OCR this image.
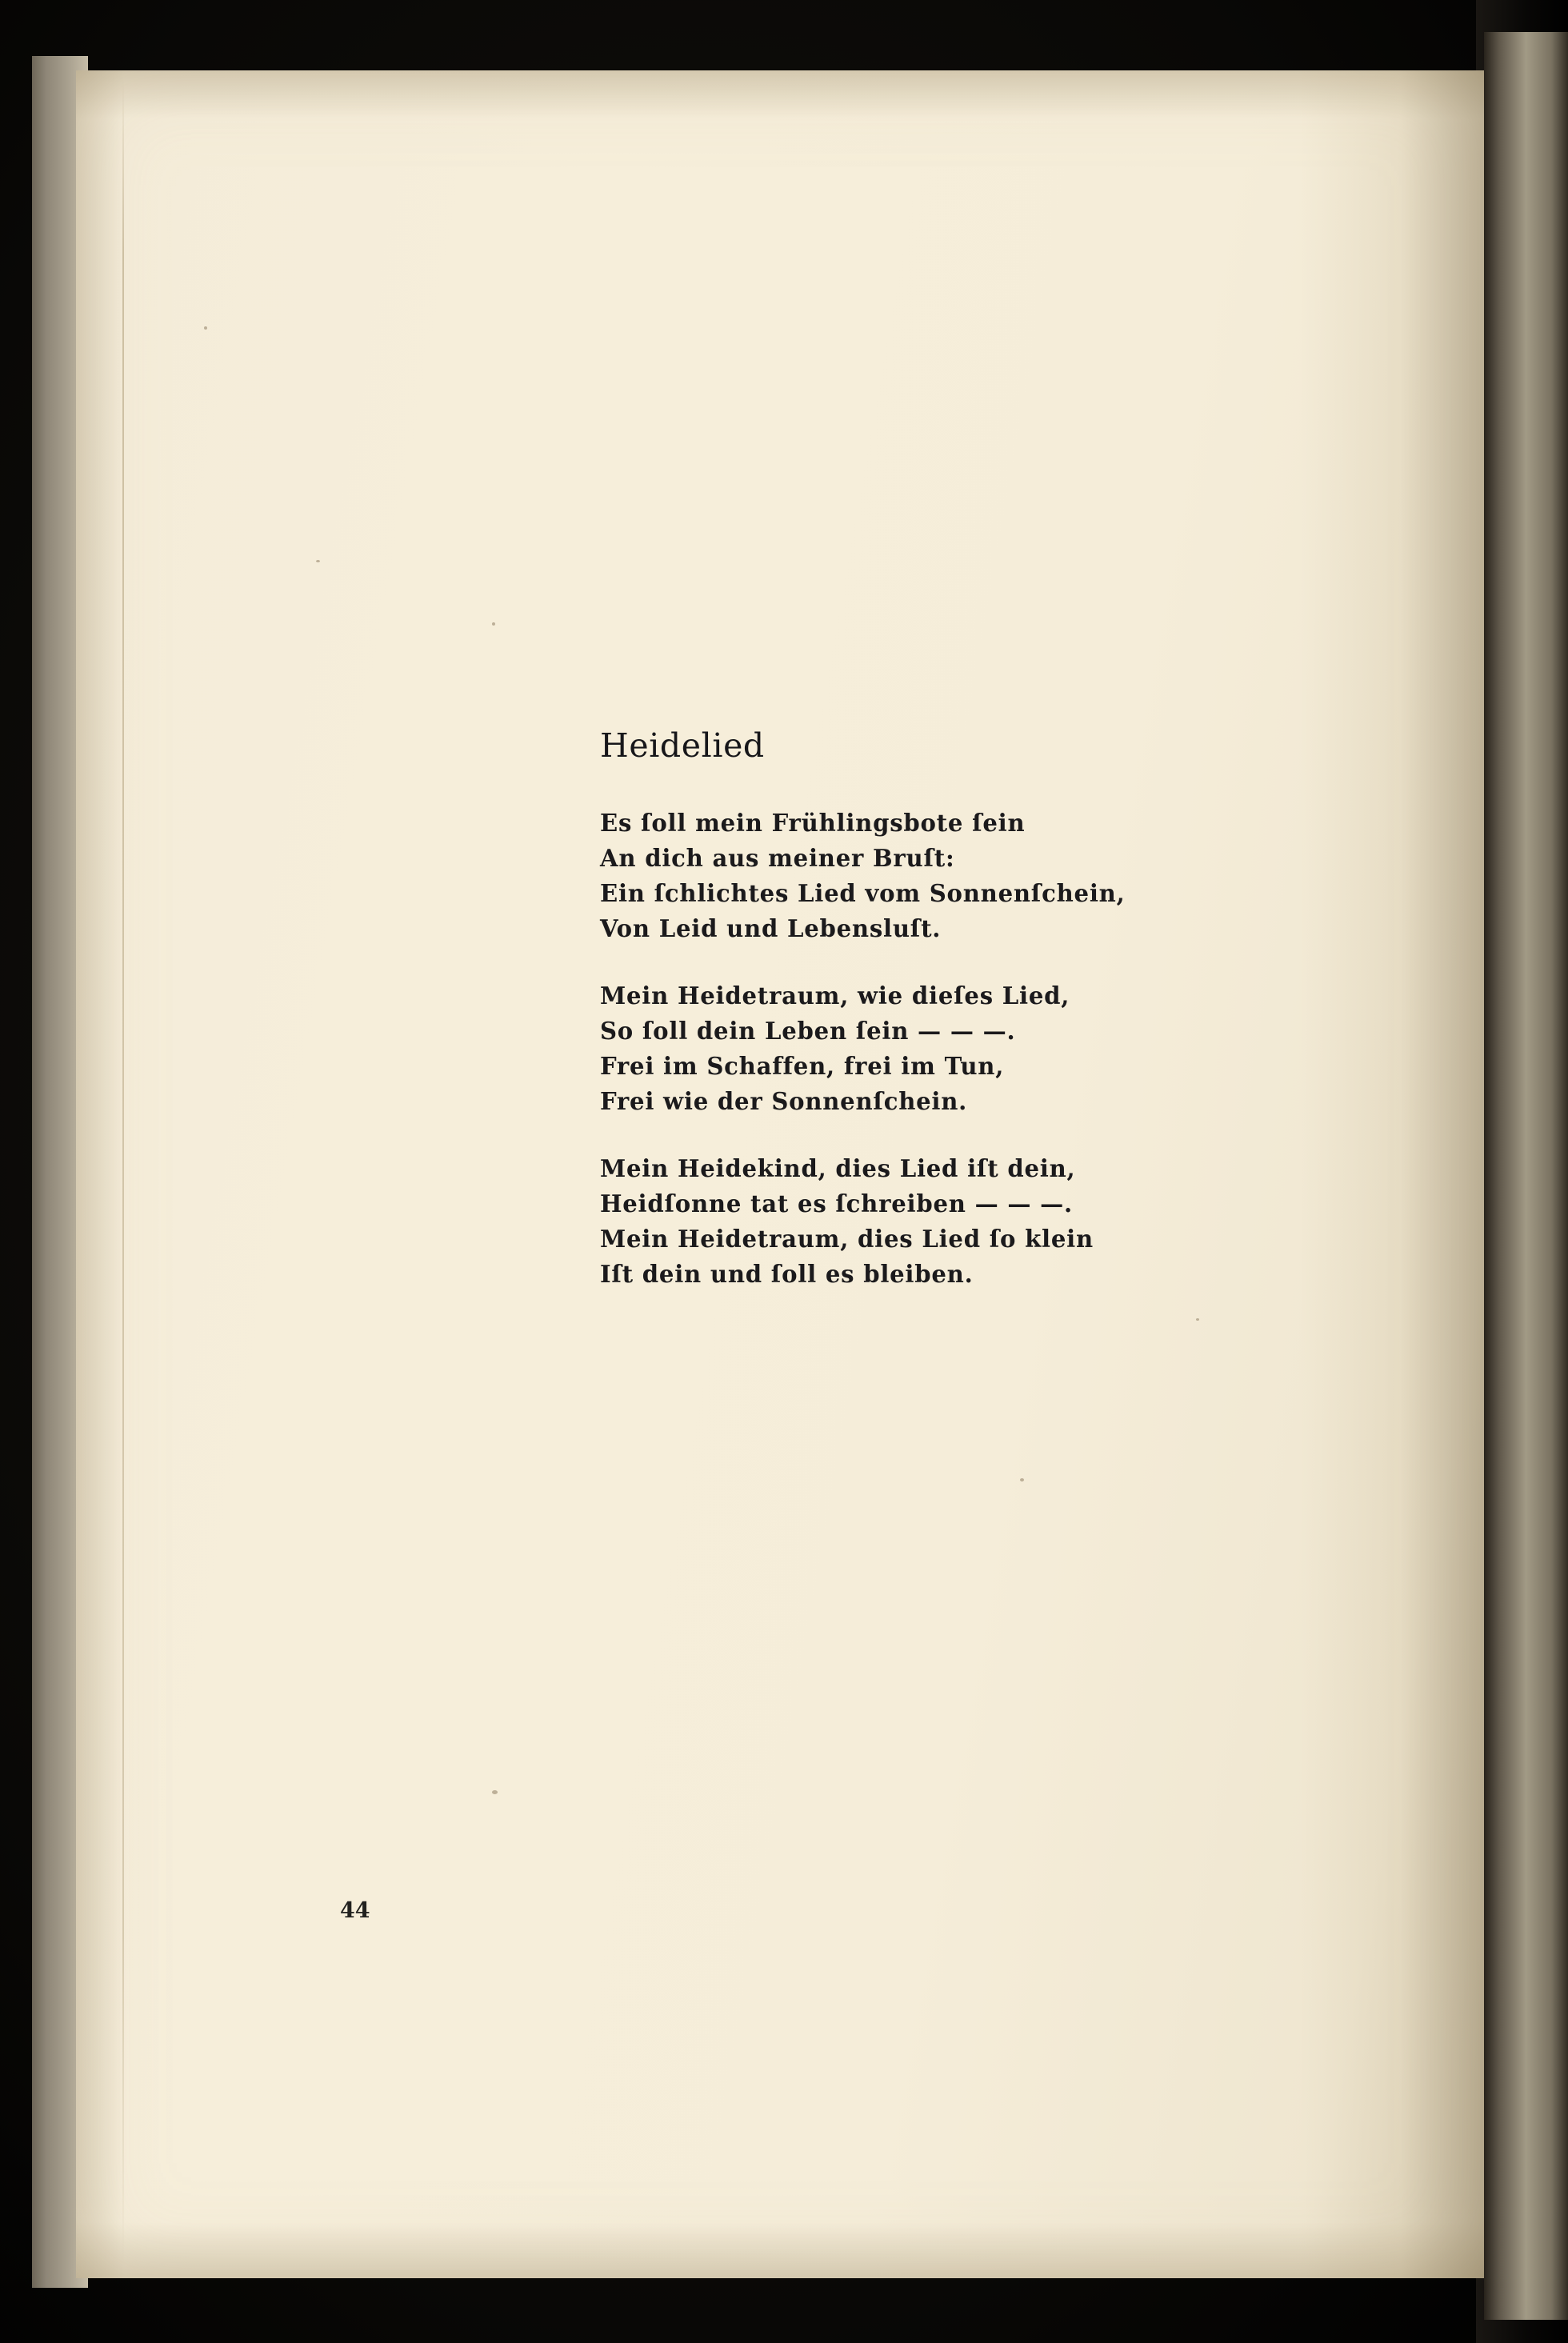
Heidelied
Es ſoll mein Frühlingsbote ſein
An dich aus meiner Bruſt:
Ein ſchlichtes Lied vom Sonnenſchein,
Von Leid und Lebensluſt.
Mein Heidetraum, wie dieſes Lied,
So ſoll dein Leben ſein — — —.
Frei im Schaffen, frei im Tun,
Frei wie der Sonnenſchein.
Mein Heidekind, dies Lied iſt dein,
Heidſonne tat es ſchreiben — — —.
Mein Heidetraum, dies Lied ſo klein
Iſt dein und ſoll es bleiben.
44
